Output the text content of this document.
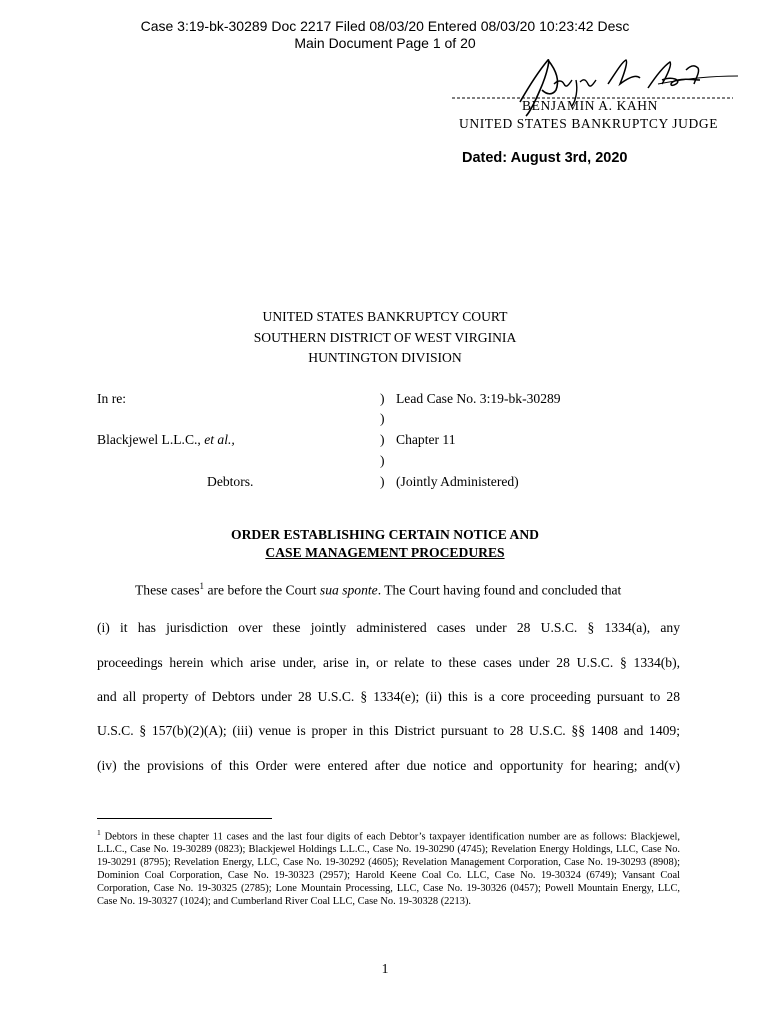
Case 3:19-bk-30289 Doc 2217 Filed 08/03/20 Entered 08/03/20 10:23:42 Desc
Main Document Page 1 of 20
BENJAMIN A. KAHN
UNITED STATES BANKRUPTCY JUDGE
Dated: August 3rd, 2020
UNITED STATES BANKRUPTCY COURT
SOUTHERN DISTRICT OF WEST VIRGINIA
HUNTINGTON DIVISION
In re:
Blackjewel L.L.C., et al.,
Debtors.
)
)
)
)
)
Lead Case No. 3:19-bk-30289
Chapter 11
(Jointly Administered)
ORDER ESTABLISHING CERTAIN NOTICE AND
CASE MANAGEMENT PROCEDURES
These cases$^1$ are before the Court sua sponte. The Court having found and concluded that
(i) it has jurisdiction over these jointly administered cases under 28 U.S.C. § 1334(a), any
proceedings herein which arise under, arise in, or relate to these cases under 28 U.S.C. § 1334(b),
and all property of Debtors under 28 U.S.C. § 1334(e); (ii) this is a core proceeding pursuant to 28
U.S.C. § 157(b)(2)(A); (iii) venue is proper in this District pursuant to 28 U.S.C. §§ 1408 and 1409;
(iv) the provisions of this Order were entered after due notice and opportunity for hearing; and(v)
$^1$ Debtors in these chapter 11 cases and the last four digits of each Debtor’s taxpayer identification number are as follows: Blackjewel, L.L.C., Case No. 19-30289 (0823); Blackjewel Holdings L.L.C., Case No. 19-30290 (4745); Revelation Energy Holdings, LLC, Case No. 19-30291 (8795); Revelation Energy, LLC, Case No. 19-30292 (4605); Revelation Management Corporation, Case No. 19-30293 (8908); Dominion Coal Corporation, Case No. 19-30323 (2957); Harold Keene Coal Co. LLC, Case No. 19-30324 (6749); Vansant Coal Corporation, Case No. 19-30325 (2785); Lone Mountain Processing, LLC, Case No. 19-30326 (0457); Powell Mountain Energy, LLC, Case No. 19-30327 (1024); and Cumberland River Coal LLC, Case No. 19-30328 (2213).
1
